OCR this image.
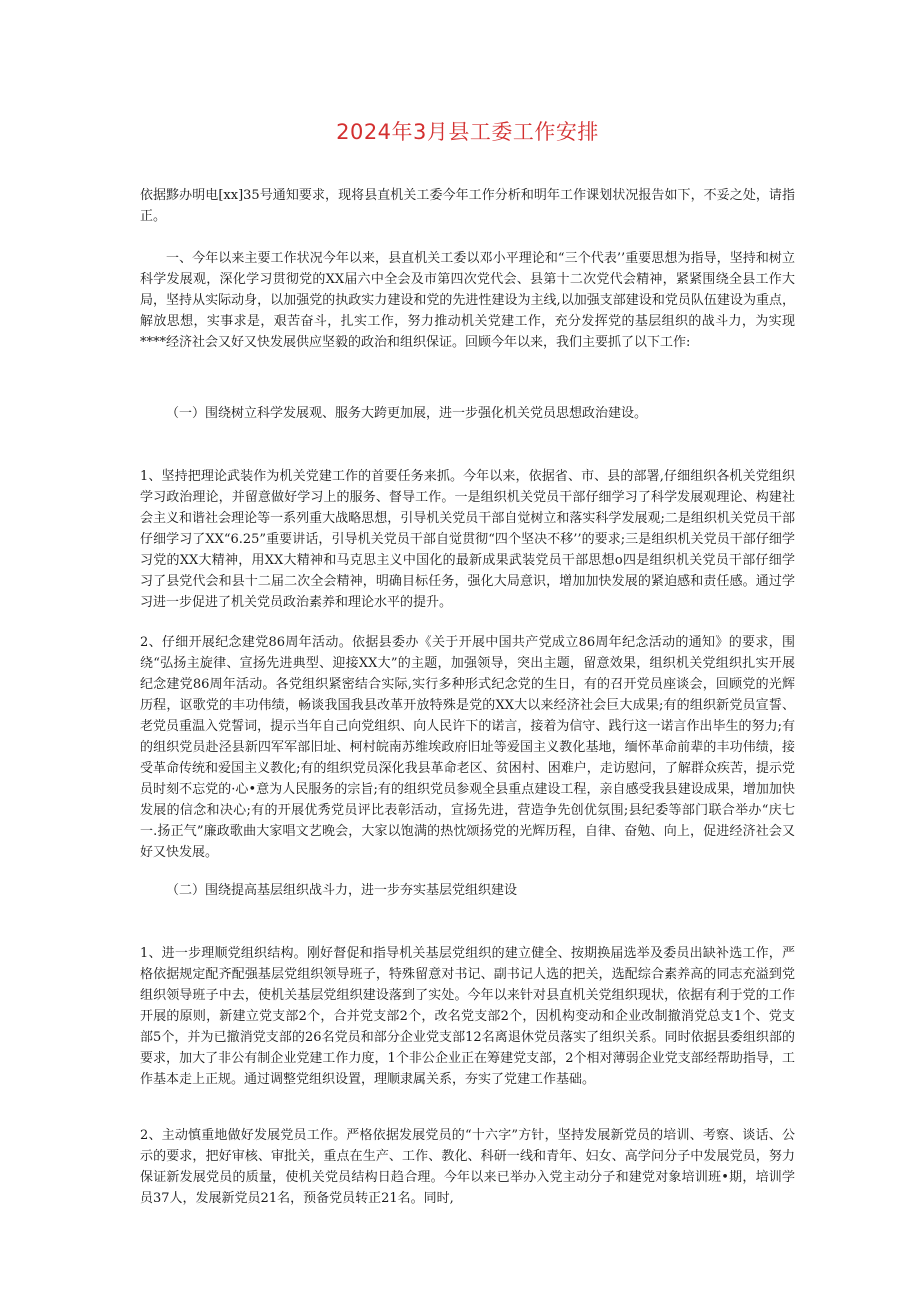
2024年3月县工委工作安排

依据黟办明电[xx]35号通知要求，现将县直机关工委今年工作分析和明年工作课划状况报告如下，不妥之处，请指正。

一、今年以来主要工作状况今年以来，县直机关工委以邓小平理论和“三个代表’’重要思想为指导，坚持和树立科学发展观，深化学习贯彻党的XX届六中全会及市第四次党代会、县第十二次党代会精神，紧紧围绕全县工作大局，坚持从实际动身，以加强党的执政实力建设和党的先进性建设为主线,以加强支部建设和党员队伍建设为重点，解放思想，实事求是，艰苦奋斗，扎实工作，努力推动机关党建工作，充分发挥党的基层组织的战斗力，为实现****经济社会又好又快发展供应坚毅的政治和组织保证。回顾今年以来，我们主要抓了以下工作:

（一）围绕树立科学发展观、服务大跨更加展，进一步强化机关党员思想政治建设。

1、坚持把理论武装作为机关党建工作的首要任务来抓。今年以来，依据省、市、县的部署,仔细组织各机关党组织学习政治理论，并留意做好学习上的服务、督导工作。一是组织机关党员干部仔细学习了科学发展观理论、构建社会主义和谐社会理论等一系列重大战略思想，引导机关党员干部自觉树立和落实科学发展观;二是组织机关党员干部仔细学习了XX“6.25”重要讲话，引导机关党员干部自觉贯彻“四个坚决不移’’的要求;三是组织机关党员干部仔细学习党的XX大精神，用XX大精神和马克思主义中国化的最新成果武装党员干部思想o四是组织机关党员干部仔细学习了县党代会和县十二届二次全会精神，明确目标任务，强化大局意识，增加加快发展的紧迫感和责任感。通过学习进一步促进了机关党员政治素养和理论水平的提升。

2、仔细开展纪念建党86周年活动。依据县委办《关于开展中国共产党成立86周年纪念活动的通知》的要求，围绕“弘扬主旋律、宣扬先进典型、迎接XX大”的主题，加强领导，突出主题，留意效果，组织机关党组织扎实开展纪念建党86周年活动。各党组织紧密结合实际,实行多种形式纪念党的生日，有的召开党员座谈会，回顾党的光辉历程，讴歌党的丰功伟绩，畅谈我国我县改革开放特殊是党的XX大以来经济社会巨大成果;有的组织新党员宣誓、老党员重温入党誓词，提示当年自己向党组织、向人民许下的诺言，接着为信守、践行这一诺言作出毕生的努力;有的组织党员赴泾县新四军军部旧址、柯村皖南苏维埃政府旧址等爱国主义教化基地，缅怀革命前辈的丰功伟绩，接受革命传统和爱国主义教化;有的组织党员深化我县革命老区、贫困村、困难户，走访慰问，了解群众疾苦，提示党员时刻不忘党的·心•意为人民服务的宗旨;有的组织党员参观全县重点建设工程，亲自感受我县建设成果，增加加快发展的信念和决心;有的开展优秀党员评比表彰活动，宣扬先进，营造争先创优氛围;县纪委等部门联合举办“庆七一.扬正气”廉政歌曲大家唱文艺晚会，大家以饱满的热忱颂扬党的光辉历程，自律、奋勉、向上，促进经济社会又好又快发展。

（二）围绕提高基层组织战斗力，进一步夯实基层党组织建设

1、进一步理顺党组织结构。刚好督促和指导机关基层党组织的建立健全、按期换届选举及委员出缺补选工作，严格依据规定配齐配强基层党组织领导班子，特殊留意对书记、副书记人选的把关，选配综合素养高的同志充溢到党组织领导班子中去，使机关基层党组织建设落到了实处。今年以来针对县直机关党组织现状，依据有利于党的工作开展的原则，新建立党支部2个，合并党支部2个，改名党支部2个，因机构变动和企业改制撤消党总支1个、党支部5个，并为已撤消党支部的26名党员和部分企业党支部12名离退休党员落实了组织关系。同时依据县委组织部的要求，加大了非公有制企业党建工作力度，1个非公企业正在筹建党支部，2个相对薄弱企业党支部经帮助指导，工作基本走上正规。通过调整党组织设置，理顺隶属关系，夯实了党建工作基础。

2、主动慎重地做好发展党员工作。严格依据发展党员的“十六字”方针，坚持发展新党员的培训、考察、谈话、公示的要求，把好审核、审批关，重点在生产、工作、教化、科研一线和青年、妇女、高学问分子中发展党员，努力保证新发展党员的质量，使机关党员结构日趋合理。今年以来已举办入党主动分子和建党对象培训班•期，培训学员37人，发展新党员21名，预备党员转正21名。同时,
